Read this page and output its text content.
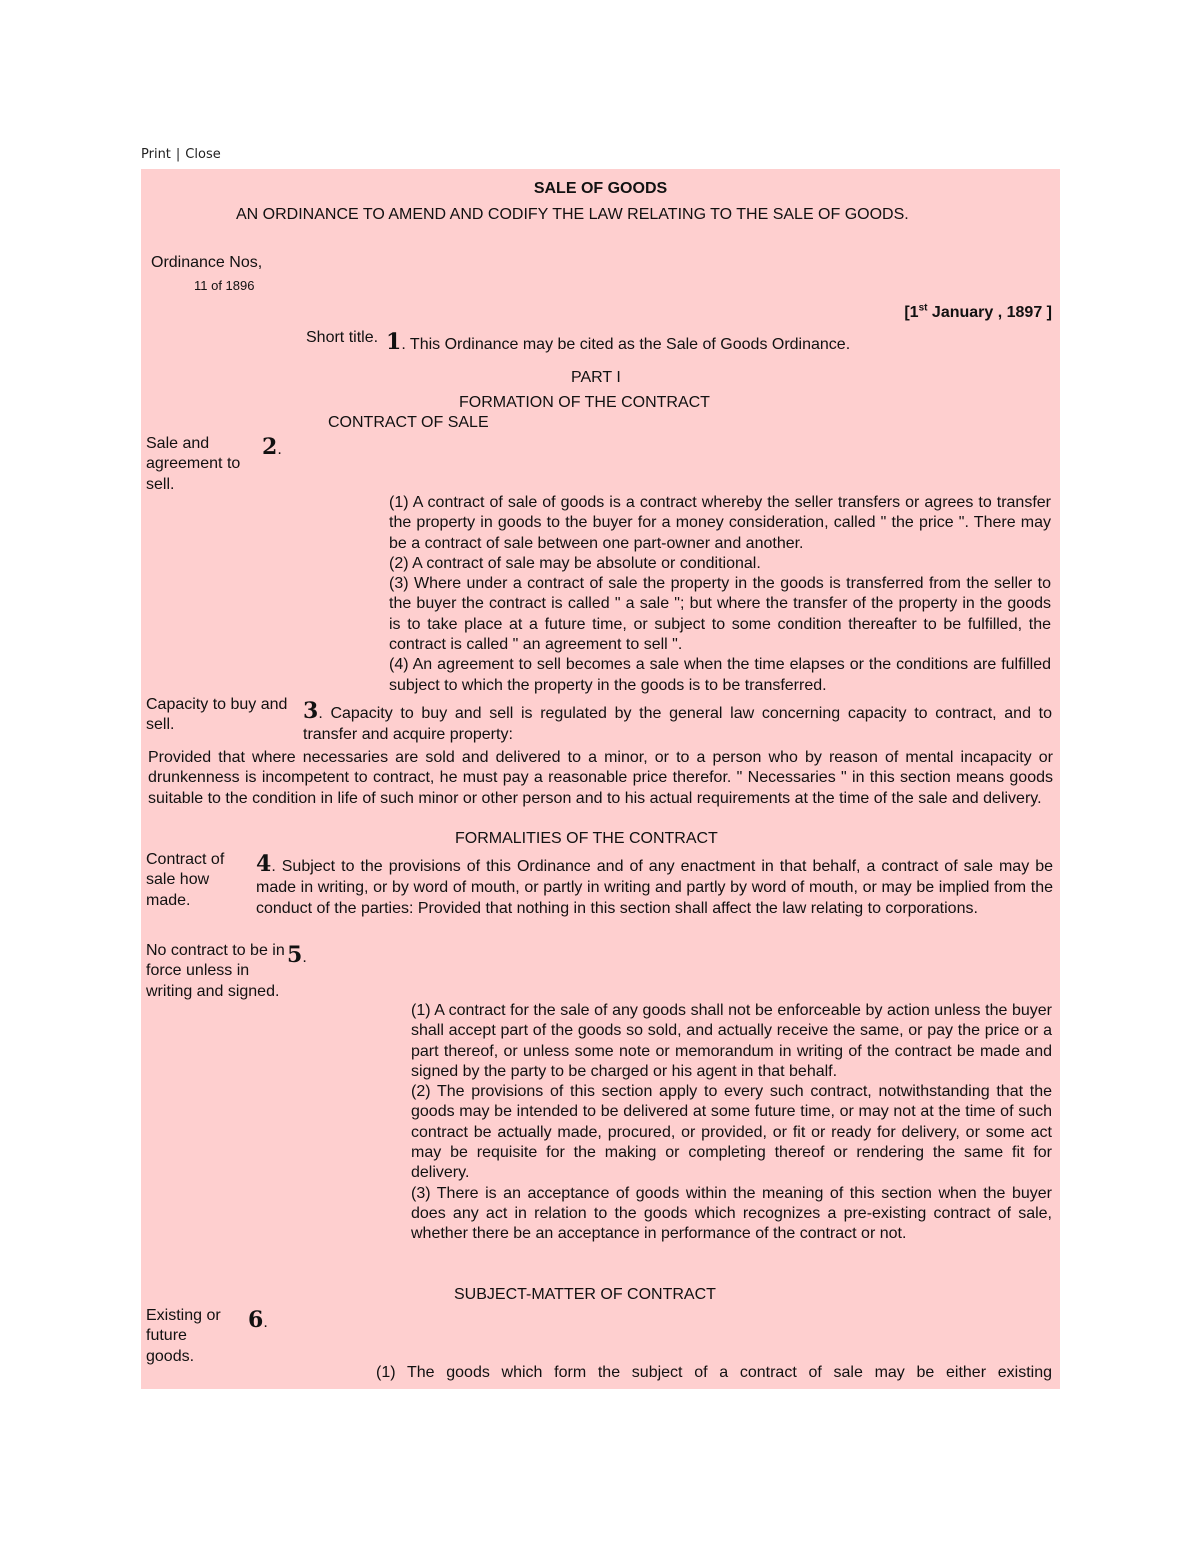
Print | Close
SALE OF GOODS
AN ORDINANCE TO AMEND AND CODIFY THE LAW RELATING TO THE SALE OF GOODS.
Ordinance Nos,
11 of 1896
[1st January , 1897 ]
Short title. 1. This Ordinance may be cited as the Sale of Goods Ordinance.
PART I
FORMATION OF THE CONTRACT
CONTRACT OF SALE
Sale and agreement to sell.
2.
(1) A contract of sale of goods is a contract whereby the seller transfers or agrees to transfer the property in goods to the buyer for a money consideration, called " the price ". There may be a contract of sale between one part-owner and another.
(2) A contract of sale may be absolute or conditional.
(3) Where under a contract of sale the property in the goods is transferred from the seller to the buyer the contract is called " a sale "; but where the transfer of the property in the goods is to take place at a future time, or subject to some condition thereafter to be fulfilled, the contract is called " an agreement to sell ".
(4) An agreement to sell becomes a sale when the time elapses or the conditions are fulfilled subject to which the property in the goods is to be transferred.
Capacity to buy and sell.
3. Capacity to buy and sell is regulated by the general law concerning capacity to contract, and to transfer and acquire property:
Provided that where necessaries are sold and delivered to a minor, or to a person who by reason of mental incapacity or drunkenness is incompetent to contract, he must pay a reasonable price therefor. " Necessaries " in this section means goods suitable to the condition in life of such minor or other person and to his actual requirements at the time of the sale and delivery.
FORMALITIES OF THE CONTRACT
Contract of sale how made.
4. Subject to the provisions of this Ordinance and of any enactment in that behalf, a contract of sale may be made in writing, or by word of mouth, or partly in writing and partly by word of mouth, or may be implied from the conduct of the parties: Provided that nothing in this section shall affect the law relating to corporations.
No contract to be in force unless in writing and signed.
5.
(1) A contract for the sale of any goods shall not be enforceable by action unless the buyer shall accept part of the goods so sold, and actually receive the same, or pay the price or a part thereof, or unless some note or memorandum in writing of the contract be made and signed by the party to be charged or his agent in that behalf.
(2) The provisions of this section apply to every such contract, notwithstanding that the goods may be intended to be delivered at some future time, or may not at the time of such contract be actually made, procured, or provided, or fit or ready for delivery, or some act may be requisite for the making or completing thereof or rendering the same fit for delivery.
(3) There is an acceptance of goods within the meaning of this section when the buyer does any act in relation to the goods which recognizes a pre-existing contract of sale, whether there be an acceptance in performance of the contract or not.
SUBJECT-MATTER OF CONTRACT
Existing or future goods.
6.
(1) The goods which form the subject of a contract of sale may be either existing
